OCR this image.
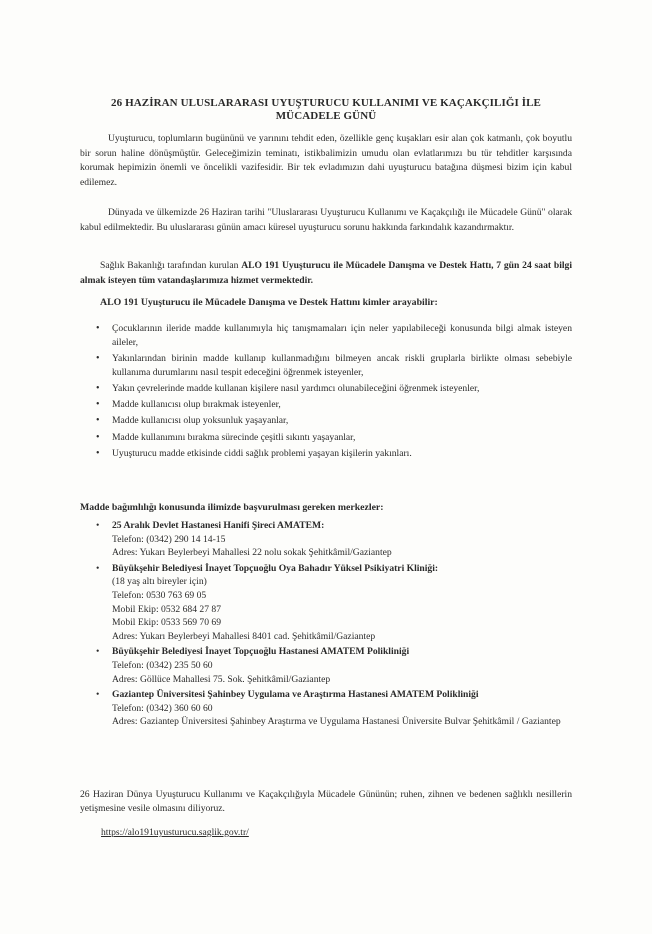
26 HAZİRAN ULUSLARARASI UYUŞTURUCU KULLANIMI VE KAÇAKÇILIĞI İLE
MÜCADELE GÜNÜ
Uyuşturucu, toplumların bugününü ve yarınını tehdit eden, özellikle genç kuşakları esir alan çok katmanlı, çok boyutlu bir sorun haline dönüşmüştür. Geleceğimizin teminatı, istikbalimizin umudu olan evlatlarımızı bu tür tehditler karşısında korumak hepimizin önemli ve öncelikli vazifesidir. Bir tek evladımızın dahi uyuşturucu batağına düşmesi bizim için kabul edilemez.
Dünyada ve ülkemizde 26 Haziran tarihi "Uluslararası Uyuşturucu Kullanımı ve Kaçakçılığı ile Mücadele Günü" olarak kabul edilmektedir. Bu uluslararası günün amacı küresel uyuşturucu sorunu hakkında farkındalık kazandırmaktır.
Sağlık Bakanlığı tarafından kurulan ALO 191 Uyuşturucu ile Mücadele Danışma ve Destek Hattı, 7 gün 24 saat bilgi almak isteyen tüm vatandaşlarımıza hizmet vermektedir.
ALO 191 Uyuşturucu ile Mücadele Danışma ve Destek Hattını kimler arayabilir:
• Çocuklarının ileride madde kullanımıyla hiç tanışmamaları için neler yapılabileceği konusunda bilgi almak isteyen aileler,
• Yakınlarından birinin madde kullanıp kullanmadığını bilmeyen ancak riskli gruplarla birlikte olması sebebiyle kullanıma durumlarını nasıl tespit edeceğini öğrenmek isteyenler,
• Yakın çevrelerinde madde kullanan kişilere nasıl yardımcı olunabileceğini öğrenmek isteyenler,
• Madde kullanıcısı olup bırakmak isteyenler,
• Madde kullanıcısı olup yoksunluk yaşayanlar,
• Madde kullanımını bırakma sürecinde çeşitli sıkıntı yaşayanlar,
• Uyuşturucu madde etkisinde ciddi sağlık problemi yaşayan kişilerin yakınları.
Madde bağımlılığı konusunda ilimizde başvurulması gereken merkezler:
• 25 Aralık Devlet Hastanesi Hanifi Şireci AMATEM:
Telefon: (0342) 290 14 14-15
Adres: Yukarı Beylerbeyi Mahallesi 22 nolu sokak Şehitkâmil/Gaziantep
• Büyükşehir Belediyesi İnayet Topçuoğlu Oya Bahadır Yüksel Psikiyatri Kliniği:
(18 yaş altı bireyler için)
Telefon: 0530 763 69 05
Mobil Ekip: 0532 684 27 87
Mobil Ekip: 0533 569 70 69
Adres: Yukarı Beylerbeyi Mahallesi 8401 cad. Şehitkâmil/Gaziantep
• Büyükşehir Belediyesi İnayet Topçuoğlu Hastanesi AMATEM Polikliniği
Telefon: (0342) 235 50 60
Adres: Göllüce Mahallesi 75. Sok. Şehitkâmil/Gaziantep
• Gaziantep Üniversitesi Şahinbey Uygulama ve Araştırma Hastanesi AMATEM Polikliniği
Telefon: (0342) 360 60 60
Adres: Gaziantep Üniversitesi Şahinbey Araştırma ve Uygulama Hastanesi Üniversite Bulvar Şehitkâmil / Gaziantep
26 Haziran Dünya Uyuşturucu Kullanımı ve Kaçakçılığıyla Mücadele Gününün; ruhen, zihnen ve bedenen sağlıklı nesillerin yetişmesine vesile olmasını diliyoruz.
https://alo191uyusturucu.saglik.gov.tr/
